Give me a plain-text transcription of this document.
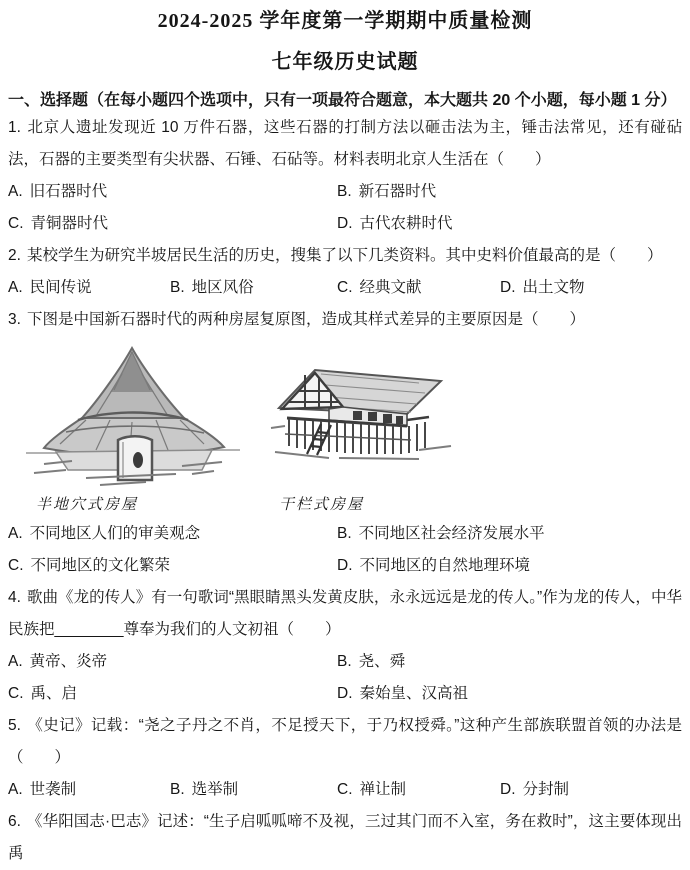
2024-2025 学年度第一学期期中质量检测
七年级历史试题
一、选择题（在每小题四个选项中，只有一项最符合题意，本大题共 20 个小题，每小题 1 分）

1. 北京人遗址发现近 10 万件石器，这些石器的打制方法以砸击法为主，锤击法常见，还有碰砧法，石器的主要类型有尖状器、石锤、石砧等。材料表明北京人生活在（　　）

A. 旧石器时代	B. 新石器时代
C. 青铜器时代	D. 古代农耕时代

2. 某校学生为研究半坡居民生活的历史，搜集了以下几类资料。其中史料价值最高的是（　　）

A. 民间传说	B. 地区风俗	C. 经典文献	D. 出土文物

3. 下图是中国新石器时代的两种房屋复原图，造成其样式差异的主要原因是（　　）

半地穴式房屋	干栏式房屋
A. 不同地区人们的审美观念	B. 不同地区社会经济发展水平
C. 不同地区的文化繁荣	D. 不同地区的自然地理环境

4. 歌曲《龙的传人》有一句歌词“黑眼睛黑头发黄皮肤，永永远远是龙的传人。”作为龙的传人，中华民族把________尊奉为我们的人文初祖（　　）

A. 黄帝、炎帝	B. 尧、舜
C. 禹、启	D. 秦始皇、汉高祖

5. 《史记》记载：“尧之子丹之不肖，不足授天下，于乃权授舜。”这种产生部族联盟首领的办法是（　　）

A. 世袭制	B. 选举制	C. 禅让制	D. 分封制

6. 《华阳国志·巴志》记述：“生子启呱呱啼不及视，三过其门而不入室，务在救时”，这主要体现出禹
